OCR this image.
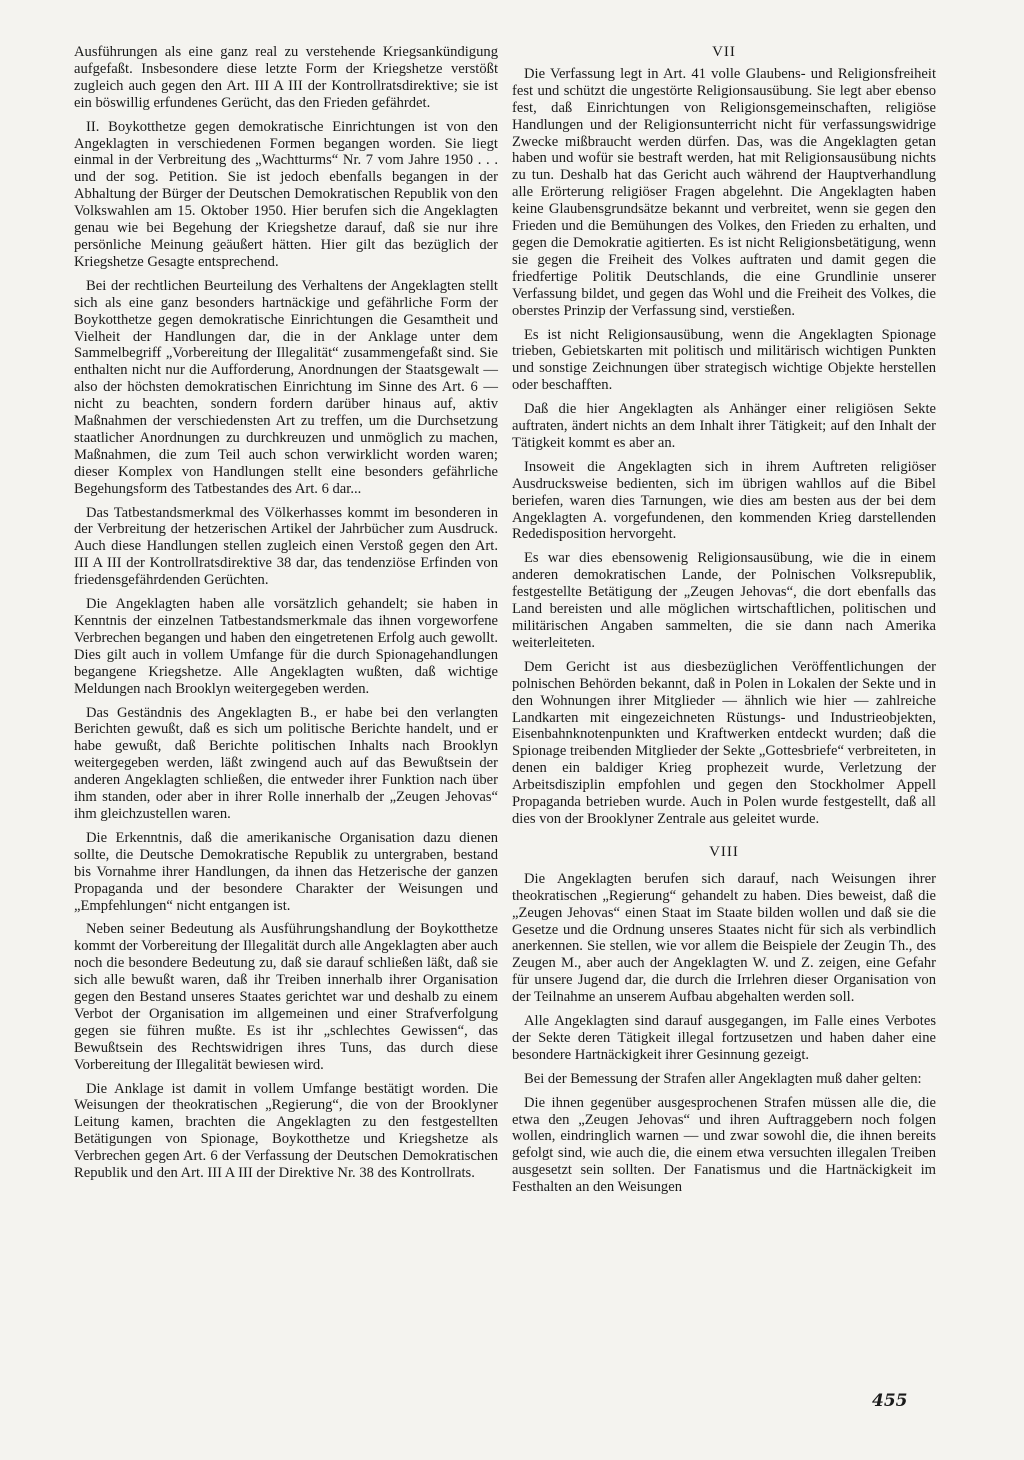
Ausführungen als eine ganz real zu verstehende Kriegsankündigung aufgefaßt. Insbesondere diese letzte Form der Kriegshetze verstößt zugleich auch gegen den Art. III A III der Kontrollratsdirektive; sie ist ein böswillig erfundenes Gerücht, das den Frieden gefährdet.

II. Boykotthetze gegen demokratische Einrichtungen ist von den Angeklagten in verschiedenen Formen begangen worden. Sie liegt einmal in der Verbreitung des „Wachtturms“ Nr. 7 vom Jahre 1950 . . . und der sog. Petition. Sie ist jedoch ebenfalls begangen in der Abhaltung der Bürger der Deutschen Demokratischen Republik von den Volkswahlen am 15. Oktober 1950. Hier berufen sich die Angeklagten genau wie bei Begehung der Kriegshetze darauf, daß sie nur ihre persönliche Meinung geäußert hätten. Hier gilt das bezüglich der Kriegshetze Gesagte entsprechend.

Bei der rechtlichen Beurteilung des Verhaltens der Angeklagten stellt sich als eine ganz besonders hartnäckige und gefährliche Form der Boykotthetze gegen demokratische Einrichtungen die Gesamtheit und Vielheit der Handlungen dar, die in der Anklage unter dem Sammelbegriff „Vorbereitung der Illegalität“ zusammengefaßt sind. Sie enthalten nicht nur die Aufforderung, Anordnungen der Staatsgewalt — also der höchsten demokratischen Einrichtung im Sinne des Art. 6 — nicht zu beachten, sondern fordern darüber hinaus auf, aktiv Maßnahmen der verschiedensten Art zu treffen, um die Durchsetzung staatlicher Anordnungen zu durchkreuzen und unmöglich zu machen, Maßnahmen, die zum Teil auch schon verwirklicht worden waren; dieser Komplex von Handlungen stellt eine besonders gefährliche Begehungsform des Tatbestandes des Art. 6 dar...

Das Tatbestandsmerkmal des Völkerhasses kommt im besonderen in der Verbreitung der hetzerischen Artikel der Jahrbücher zum Ausdruck. Auch diese Handlungen stellen zugleich einen Verstoß gegen den Art. III A III der Kontrollratsdirektive 38 dar, das tendenziöse Erfinden von friedensgefährdenden Gerüchten.

Die Angeklagten haben alle vorsätzlich gehandelt; sie haben in Kenntnis der einzelnen Tatbestandsmerkmale das ihnen vorgeworfene Verbrechen begangen und haben den eingetretenen Erfolg auch gewollt. Dies gilt auch in vollem Umfange für die durch Spionagehandlungen begangene Kriegshetze. Alle Angeklagten wußten, daß wichtige Meldungen nach Brooklyn weitergegeben werden.

Das Geständnis des Angeklagten B., er habe bei den verlangten Berichten gewußt, daß es sich um politische Berichte handelt, und er habe gewußt, daß Berichte politischen Inhalts nach Brooklyn weitergegeben werden, läßt zwingend auch auf das Bewußtsein der anderen Angeklagten schließen, die entweder ihrer Funktion nach über ihm standen, oder aber in ihrer Rolle innerhalb der „Zeugen Jehovas“ ihm gleichzustellen waren.

Die Erkenntnis, daß die amerikanische Organisation dazu dienen sollte, die Deutsche Demokratische Republik zu untergraben, bestand bis Vornahme ihrer Handlungen, da ihnen das Hetzerische der ganzen Propaganda und der besondere Charakter der Weisungen und „Empfehlungen“ nicht entgangen ist.

Neben seiner Bedeutung als Ausführungshandlung der Boykotthetze kommt der Vorbereitung der Illegalität durch alle Angeklagten aber auch noch die besondere Bedeutung zu, daß sie darauf schließen läßt, daß sie sich alle bewußt waren, daß ihr Treiben innerhalb ihrer Organisation gegen den Bestand unseres Staates gerichtet war und deshalb zu einem Verbot der Organisation im allgemeinen und einer Strafverfolgung gegen sie führen mußte. Es ist ihr „schlechtes Gewissen“, das Bewußtsein des Rechtswidrigen ihres Tuns, das durch diese Vorbereitung der Illegalität bewiesen wird.

Die Anklage ist damit in vollem Umfange bestätigt worden. Die Weisungen der theokratischen „Regierung“, die von der Brooklyner Leitung kamen, brachten die Angeklagten zu den festgestellten Betätigungen von Spionage, Boykotthetze und Kriegshetze als Verbrechen gegen Art. 6 der Verfassung der Deutschen Demokratischen Republik und den Art. III A III der Direktive Nr. 38 des Kontrollrats.

VII

Die Verfassung legt in Art. 41 volle Glaubens- und Religionsfreiheit fest und schützt die ungestörte Religionsausübung. Sie legt aber ebenso fest, daß Einrichtungen von Religionsgemeinschaften, religiöse Handlungen und der Religionsunterricht nicht für verfassungswidrige Zwecke mißbraucht werden dürfen. Das, was die Angeklagten getan haben und wofür sie bestraft werden, hat mit Religionsausübung nichts zu tun. Deshalb hat das Gericht auch während der Hauptverhandlung alle Erörterung religiöser Fragen abgelehnt. Die Angeklagten haben keine Glaubensgrundsätze bekannt und verbreitet, wenn sie gegen den Frieden und die Bemühungen des Volkes, den Frieden zu erhalten, und gegen die Demokratie agitierten. Es ist nicht Religionsbetätigung, wenn sie gegen die Freiheit des Volkes auftraten und damit gegen die friedfertige Politik Deutschlands, die eine Grundlinie unserer Verfassung bildet, und gegen das Wohl und die Freiheit des Volkes, die oberstes Prinzip der Verfassung sind, verstießen.

Es ist nicht Religionsausübung, wenn die Angeklagten Spionage trieben, Gebietskarten mit politisch und militärisch wichtigen Punkten und sonstige Zeichnungen über strategisch wichtige Objekte herstellen oder beschafften.

Daß die hier Angeklagten als Anhänger einer religiösen Sekte auftraten, ändert nichts an dem Inhalt ihrer Tätigkeit; auf den Inhalt der Tätigkeit kommt es aber an.

Insoweit die Angeklagten sich in ihrem Auftreten religiöser Ausdrucksweise bedienten, sich im übrigen wahllos auf die Bibel beriefen, waren dies Tarnungen, wie dies am besten aus der bei dem Angeklagten A. vorgefundenen, den kommenden Krieg darstellenden Rededisposition hervorgeht.

Es war dies ebensowenig Religionsausübung, wie die in einem anderen demokratischen Lande, der Polnischen Volksrepublik, festgestellte Betätigung der „Zeugen Jehovas“, die dort ebenfalls das Land bereisten und alle möglichen wirtschaftlichen, politischen und militärischen Angaben sammelten, die sie dann nach Amerika weiterleiteten.

Dem Gericht ist aus diesbezüglichen Veröffentlichungen der polnischen Behörden bekannt, daß in Polen in Lokalen der Sekte und in den Wohnungen ihrer Mitglieder — ähnlich wie hier — zahlreiche Landkarten mit eingezeichneten Rüstungs- und Industrieobjekten, Eisenbahnknotenpunkten und Kraftwerken entdeckt wurden; daß die Spionage treibenden Mitglieder der Sekte „Gottesbriefe“ verbreiteten, in denen ein baldiger Krieg prophezeit wurde, Verletzung der Arbeitsdisziplin empfohlen und gegen den Stockholmer Appell Propaganda betrieben wurde. Auch in Polen wurde festgestellt, daß all dies von der Brooklyner Zentrale aus geleitet wurde.

VIII

Die Angeklagten berufen sich darauf, nach Weisungen ihrer theokratischen „Regierung“ gehandelt zu haben. Dies beweist, daß die „Zeugen Jehovas“ einen Staat im Staate bilden wollen und daß sie die Gesetze und die Ordnung unseres Staates nicht für sich als verbindlich anerkennen. Sie stellen, wie vor allem die Beispiele der Zeugin Th., des Zeugen M., aber auch der Angeklagten W. und Z. zeigen, eine Gefahr für unsere Jugend dar, die durch die Irrlehren dieser Organisation von der Teilnahme an unserem Aufbau abgehalten werden soll.

Alle Angeklagten sind darauf ausgegangen, im Falle eines Verbotes der Sekte deren Tätigkeit illegal fortzusetzen und haben daher eine besondere Hartnäckigkeit ihrer Gesinnung gezeigt.

Bei der Bemessung der Strafen aller Angeklagten muß daher gelten:

Die ihnen gegenüber ausgesprochenen Strafen müssen alle die, die etwa den „Zeugen Jehovas“ und ihren Auftraggebern noch folgen wollen, eindringlich warnen — und zwar sowohl die, die ihnen bereits gefolgt sind, wie auch die, die einem etwa versuchten illegalen Treiben ausgesetzt sein sollten. Der Fanatismus und die Hartnäckigkeit im Festhalten an den Weisungen

455
